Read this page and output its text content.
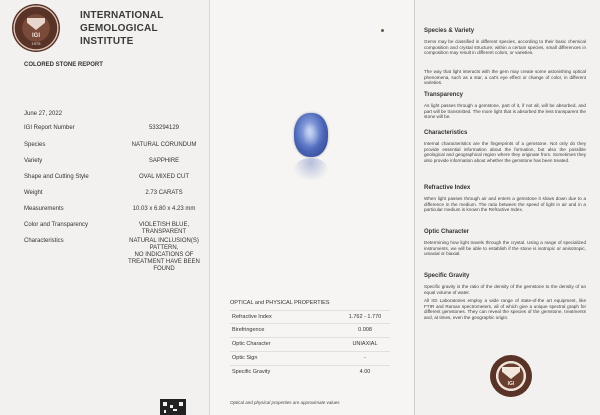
IGI
1975
INTERNATIONAL
GEMOLOGICAL
INSTITUTE
COLORED STONE REPORT
June 27, 2022
IGI Report Number	533294129
Species	NATURAL CORUNDUM
Variety	SAPPHIRE
Shape and Cutting Style	OVAL MIXED CUT
Weight	2.73 CARATS
Measurements	10.03 x 6.80 x 4.23 mm
Color and Transparency	VIOLETISH BLUE,
TRANSPARENT
Characteristics	NATURAL INCLUSION(S)
PATTERN,
NO INDICATIONS OF
TREATMENT HAVE BEEN
FOUND
OPTICAL and PHYSICAL PROPERTIES
Refractive Index	1.762 - 1.770
Birefringence	0.008
Optic Character	UNIAXIAL
Optic Sign	-
Specific Gravity	4.00
Optical and physical properties are approximate values
Species & Variety
Gems may be classified in different species, according to their basic chemical composition and crystal structure; within a certain species, small differences in composition may result in different colors, or varieties.
The way that light interacts with the gem may create some astonishing optical phenomena, such as a star, a cat's eye effect or change of color, in different varieties.
Transparency
As light passes through a gemstone, part of it, if not all, will be absorbed, and part will be transmitted. The more light that is absorbed the less transparent the stone will be.
Characteristics
Internal characteristics are the fingerprints of a gemstone. Not only do they provide essential information about the formation, but also the possible geological and geographical region where they originate from. Sometimes they also provide information about whether the gemstone has been treated.
Refractive Index
When light passes through air and enters a gemstone it slows down due to a difference in the medium. The ratio between the speed of light in air and in a particular medium is known the Refractive Index.
Optic Character
Determining how light travels through the crystal. Using a range of specialized instruments, we will be able to establish if the stone is isotropic or anisotropic, uniaxial or biaxial.
Specific Gravity
Specific gravity is the ratio of the density of the gemstone to the density of an equal volume of water.
All IGI Laboratories employ a wide range of state-of-the art equipment, like FTIR and Raman spectrometers, all of which give a unique spectral graph for different gemstones. They can reveal the species of the gemstone, treatments and, at times, even the geographic origin.
IGI
